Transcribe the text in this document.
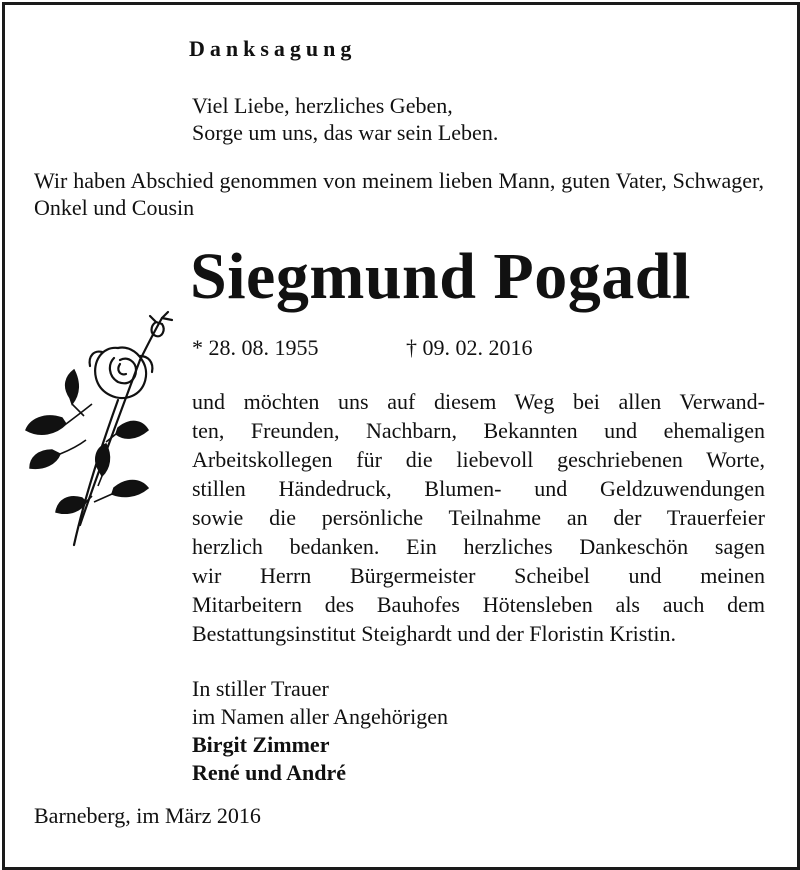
Danksagung
Viel Liebe, herzliches Geben,
Sorge um uns, das war sein Leben.

Wir haben Abschied genommen von meinem lieben Mann, guten Vater, Schwager, Onkel und Cousin

Siegmund Pogadl
* 28. 08. 1955	† 09. 02. 2016
und möchten uns auf diesem Weg bei allen Verwand-
ten, Freunden, Nachbarn, Bekannten und ehemaligen
Arbeitskollegen für die liebevoll geschriebenen Worte,
stillen Händedruck, Blumen- und Geldzuwendungen
sowie die persönliche Teilnahme an der Trauerfeier
herzlich bedanken. Ein herzliches Dankeschön sagen
wir Herrn Bürgermeister Scheibel und meinen
Mitarbeitern des Bauhofes Hötensleben als auch dem
Bestattungsinstitut Steighardt und der Floristin Kristin.
In stiller Trauer
im Namen aller Angehörigen
Birgit Zimmer
René und André
Barneberg, im März 2016
